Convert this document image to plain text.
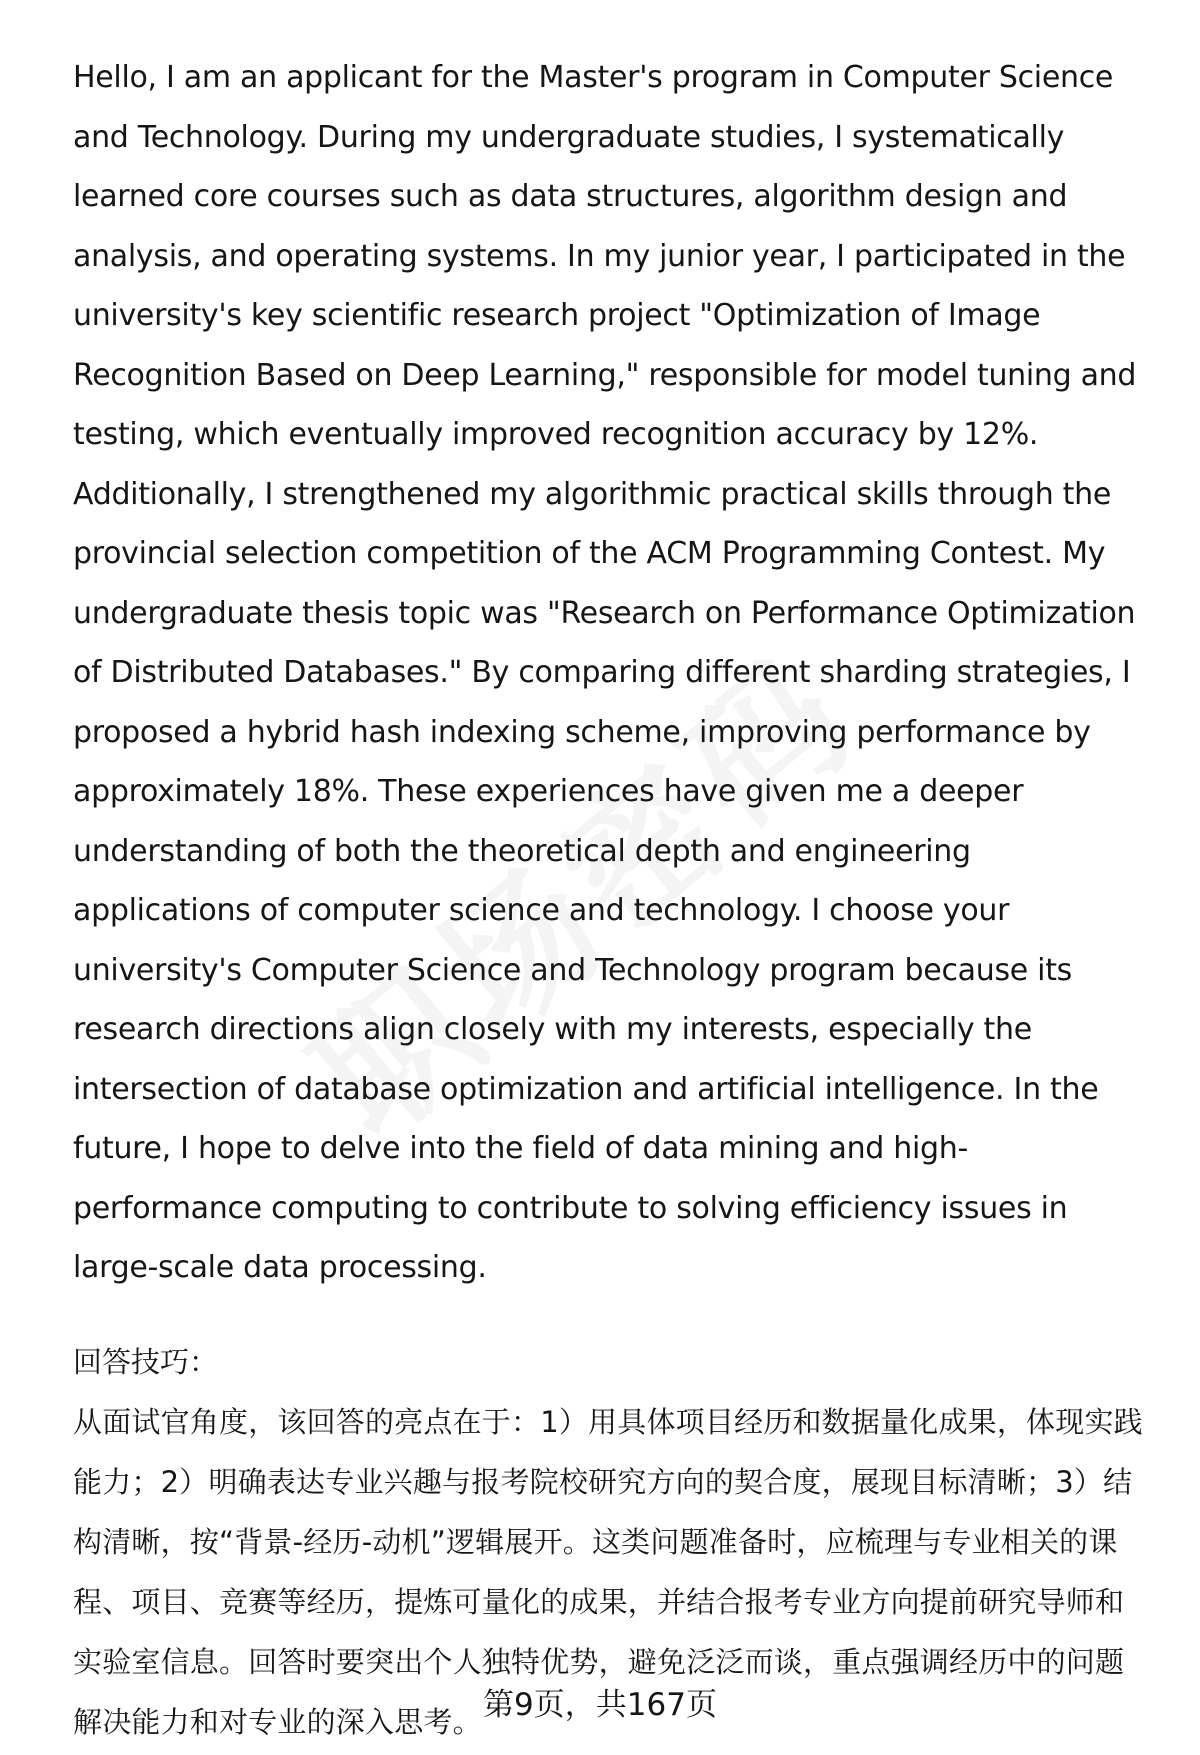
Hello, I am an applicant for the Master's program in Computer Science and Technology. During my undergraduate studies, I systematically learned core courses such as data structures, algorithm design and analysis, and operating systems. In my junior year, I participated in the university's key scientific research project "Optimization of Image Recognition Based on Deep Learning," responsible for model tuning and testing, which eventually improved recognition accuracy by 12%. Additionally, I strengthened my algorithmic practical skills through the provincial selection competition of the ACM Programming Contest. My undergraduate thesis topic was "Research on Performance Optimization of Distributed Databases." By comparing different sharding strategies, I proposed a hybrid hash indexing scheme, improving performance by approximately 18%. These experiences have given me a deeper understanding of both the theoretical depth and engineering applications of computer science and technology. I choose your university's Computer Science and Technology program because its research directions align closely with my interests, especially the intersection of database optimization and artificial intelligence. In the future, I hope to delve into the field of data mining and high-performance computing to contribute to solving efficiency issues in large-scale data processing.

回答技巧：

从面试官角度，该回答的亮点在于：1）用具体项目经历和数据量化成果，体现实践能力；2）明确表达专业兴趣与报考院校研究方向的契合度，展现目标清晰；3）结构清晰，按“背景-经历-动机”逻辑展开。这类问题准备时，应梳理与专业相关的课程、项目、竞赛等经历，提炼可量化的成果，并结合报考专业方向提前研究导师和实验室信息。回答时要突出个人独特优势，避免泛泛而谈，重点强调经历中的问题解决能力和对专业的深入思考。 第9页，共167页
